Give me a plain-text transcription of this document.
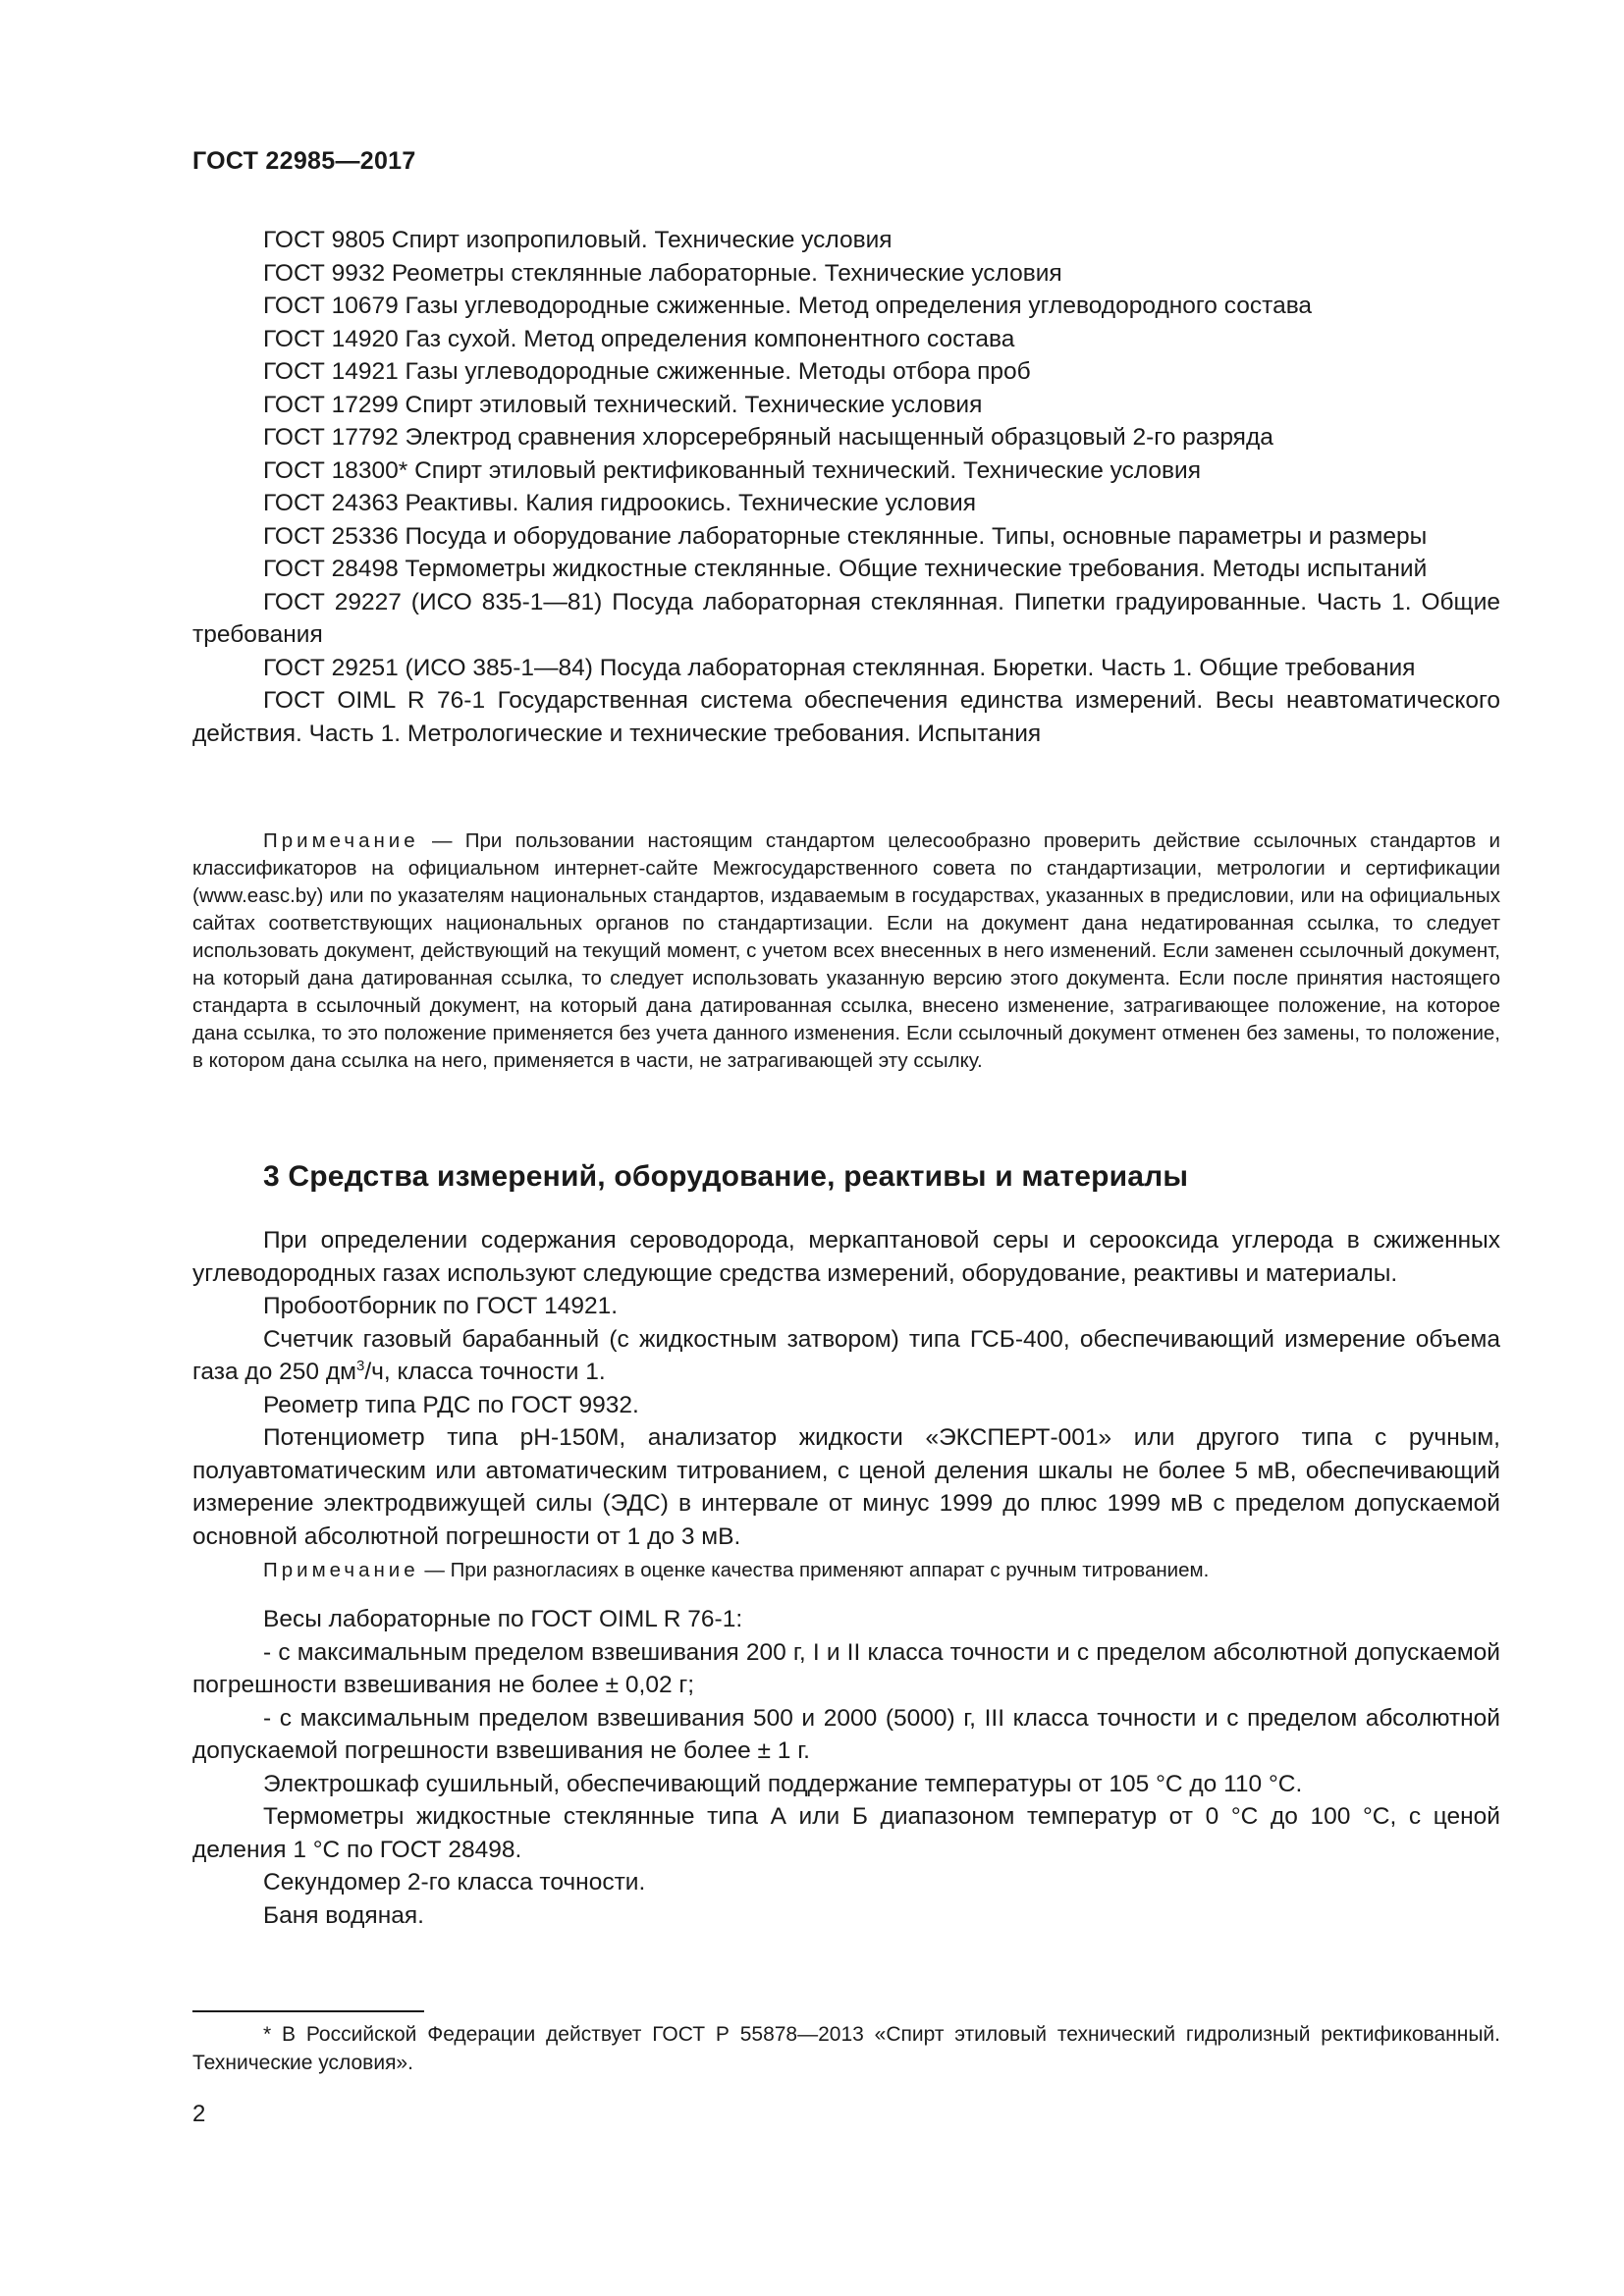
ГОСТ 22985—2017

ГОСТ 9805 Спирт изопропиловый. Технические условия

ГОСТ 9932 Реометры стеклянные лабораторные. Технические условия

ГОСТ 10679 Газы углеводородные сжиженные. Метод определения углеводородного состава

ГОСТ 14920 Газ сухой. Метод определения компонентного состава

ГОСТ 14921 Газы углеводородные сжиженные. Методы отбора проб

ГОСТ 17299 Спирт этиловый технический. Технические условия

ГОСТ 17792 Электрод сравнения хлорсеребряный насыщенный образцовый 2-го разряда

ГОСТ 18300* Спирт этиловый ректификованный технический. Технические условия

ГОСТ 24363 Реактивы. Калия гидроокись. Технические условия

ГОСТ 25336 Посуда и оборудование лабораторные стеклянные. Типы, основные параметры и размеры

ГОСТ 28498 Термометры жидкостные стеклянные. Общие технические требования. Методы испытаний

ГОСТ 29227 (ИСО 835-1—81) Посуда лабораторная стеклянная. Пипетки градуированные. Часть 1. Общие требования

ГОСТ 29251 (ИСО 385-1—84) Посуда лабораторная стеклянная. Бюретки. Часть 1. Общие требования

ГОСТ OIML R 76-1 Государственная система обеспечения единства измерений. Весы неавтоматического действия. Часть 1. Метрологические и технические требования. Испытания

Примечание — При пользовании настоящим стандартом целесообразно проверить действие ссылочных стандартов и классификаторов на официальном интернет-сайте Межгосударственного совета по стандартизации, метрологии и сертификации (www.easc.by) или по указателям национальных стандартов, издаваемым в государствах, указанных в предисловии, или на официальных сайтах соответствующих национальных органов по стандартизации. Если на документ дана недатированная ссылка, то следует использовать документ, действующий на текущий момент, с учетом всех внесенных в него изменений. Если заменен ссылочный документ, на который дана датированная ссылка, то следует использовать указанную версию этого документа. Если после принятия настоящего стандарта в ссылочный документ, на который дана датированная ссылка, внесено изменение, затрагивающее положение, на которое дана ссылка, то это положение применяется без учета данного изменения. Если ссылочный документ отменен без замены, то положение, в котором дана ссылка на него, применяется в части, не затрагивающей эту ссылку.

3 Средства измерений, оборудование, реактивы и материалы

При определении содержания сероводорода, меркаптановой серы и серооксида углерода в сжиженных углеводородных газах используют следующие средства измерений, оборудование, реактивы и материалы.

Пробоотборник по ГОСТ 14921.

Счетчик газовый барабанный (с жидкостным затвором) типа ГСБ-400, обеспечивающий измерение объема газа до 250 $дм^3/ч$, класса точности 1.

Реометр типа РДС по ГОСТ 9932.

Потенциометр типа рН-150М, анализатор жидкости «ЭКСПЕРТ-001» или другого типа с ручным, полуавтоматическим или автоматическим титрованием, с ценой деления шкалы не более 5 мВ, обеспечивающий измерение электродвижущей силы (ЭДС) в интервале от минус 1999 до плюс 1999 мВ с пределом допускаемой основной абсолютной погрешности от 1 до 3 мВ.

Примечание — При разногласиях в оценке качества применяют аппарат с ручным титрованием.

Весы лабораторные по ГОСТ OIML R 76-1:

- с максимальным пределом взвешивания 200 г, I и II класса точности и с пределом абсолютной допускаемой погрешности взвешивания не более ± 0,02 г;

- с максимальным пределом взвешивания 500 и 2000 (5000) г, III класса точности и с пределом абсолютной допускаемой погрешности взвешивания не более ± 1 г.

Электрошкаф сушильный, обеспечивающий поддержание температуры от 105 °С до 110 °С.

Термометры жидкостные стеклянные типа А или Б диапазоном температур от 0 °С до 100 °С, с ценой деления 1 °С по ГОСТ 28498.

Секундомер 2-го класса точности.

Баня водяная.

* В Российской Федерации действует ГОСТ Р 55878—2013 «Спирт этиловый технический гидролизный ректификованный. Технические условия».

2
